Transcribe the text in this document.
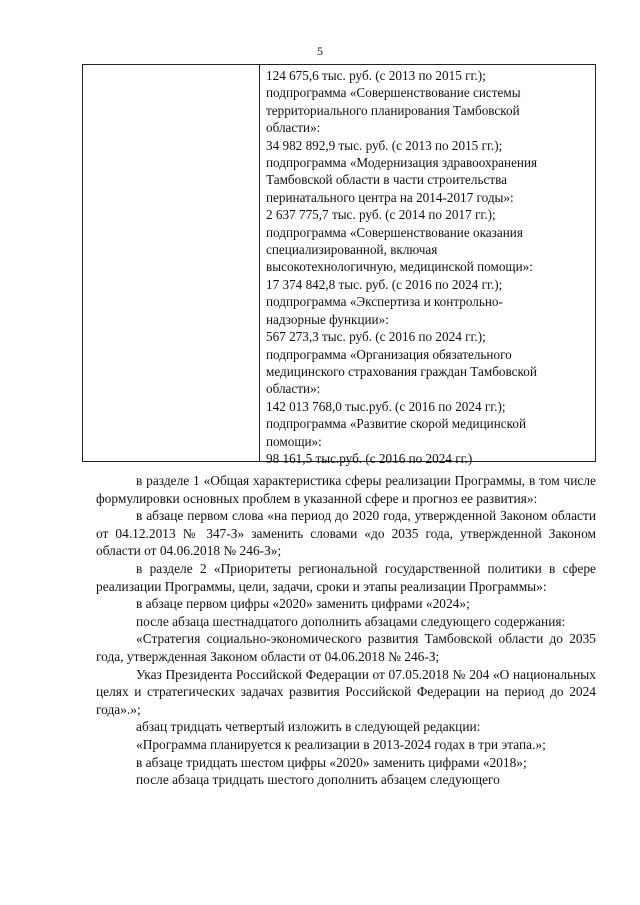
5
124 675,6 тыс. руб. (с 2013 по 2015 гг.);
подпрограмма «Совершенствование системы
территориального планирования Тамбовской
области»:
34 982 892,9 тыс. руб. (с 2013 по 2015 гг.);
подпрограмма «Модернизация здравоохранения
Тамбовской области в части строительства
перинатального центра на 2014-2017 годы»:
2 637 775,7 тыс. руб. (с 2014 по 2017 гг.);
подпрограмма «Совершенствование оказания
специализированной, включая
высокотехнологичную, медицинской помощи»:
17 374 842,8 тыс. руб. (с 2016 по 2024 гг.);
подпрограмма «Экспертиза и контрольно-
надзорные функции»:
567 273,3 тыс. руб. (с 2016 по 2024 гг.);
подпрограмма «Организация обязательного
медицинского страхования граждан Тамбовской
области»:
142 013 768,0 тыс.руб. (с 2016 по 2024 гг.);
подпрограмма «Развитие скорой медицинской
помощи»:
98 161,5 тыс.руб. (с 2016 по 2024 гг.)

в разделе 1 «Общая характеристика сферы реализации Программы, в том числе формулировки основных проблем в указанной сфере и прогноз ее развития»:

в абзаце первом слова «на период до 2020 года, утвержденной Законом области от 04.12.2013 № 347-З» заменить словами «до 2035 года, утвержденной Законом области от 04.06.2018 № 246-З»;

в разделе 2 «Приоритеты региональной государственной политики в сфере реализации Программы, цели, задачи, сроки и этапы реализации Программы»:

в абзаце первом цифры «2020» заменить цифрами «2024»;

после абзаца шестнадцатого дополнить абзацами следующего содержания:

«Стратегия социально-экономического развития Тамбовской области до 2035 года, утвержденная Законом области от 04.06.2018 № 246-З;

Указ Президента Российской Федерации от 07.05.2018 № 204 «О национальных целях и стратегических задачах развития Российской Федерации на период до 2024 года».»;

абзац тридцать четвертый изложить в следующей редакции:

«Программа планируется к реализации в 2013-2024 годах в три этапа.»;

в абзаце тридцать шестом цифры «2020» заменить цифрами «2018»;

после абзаца тридцать шестого дополнить абзацем следующего
